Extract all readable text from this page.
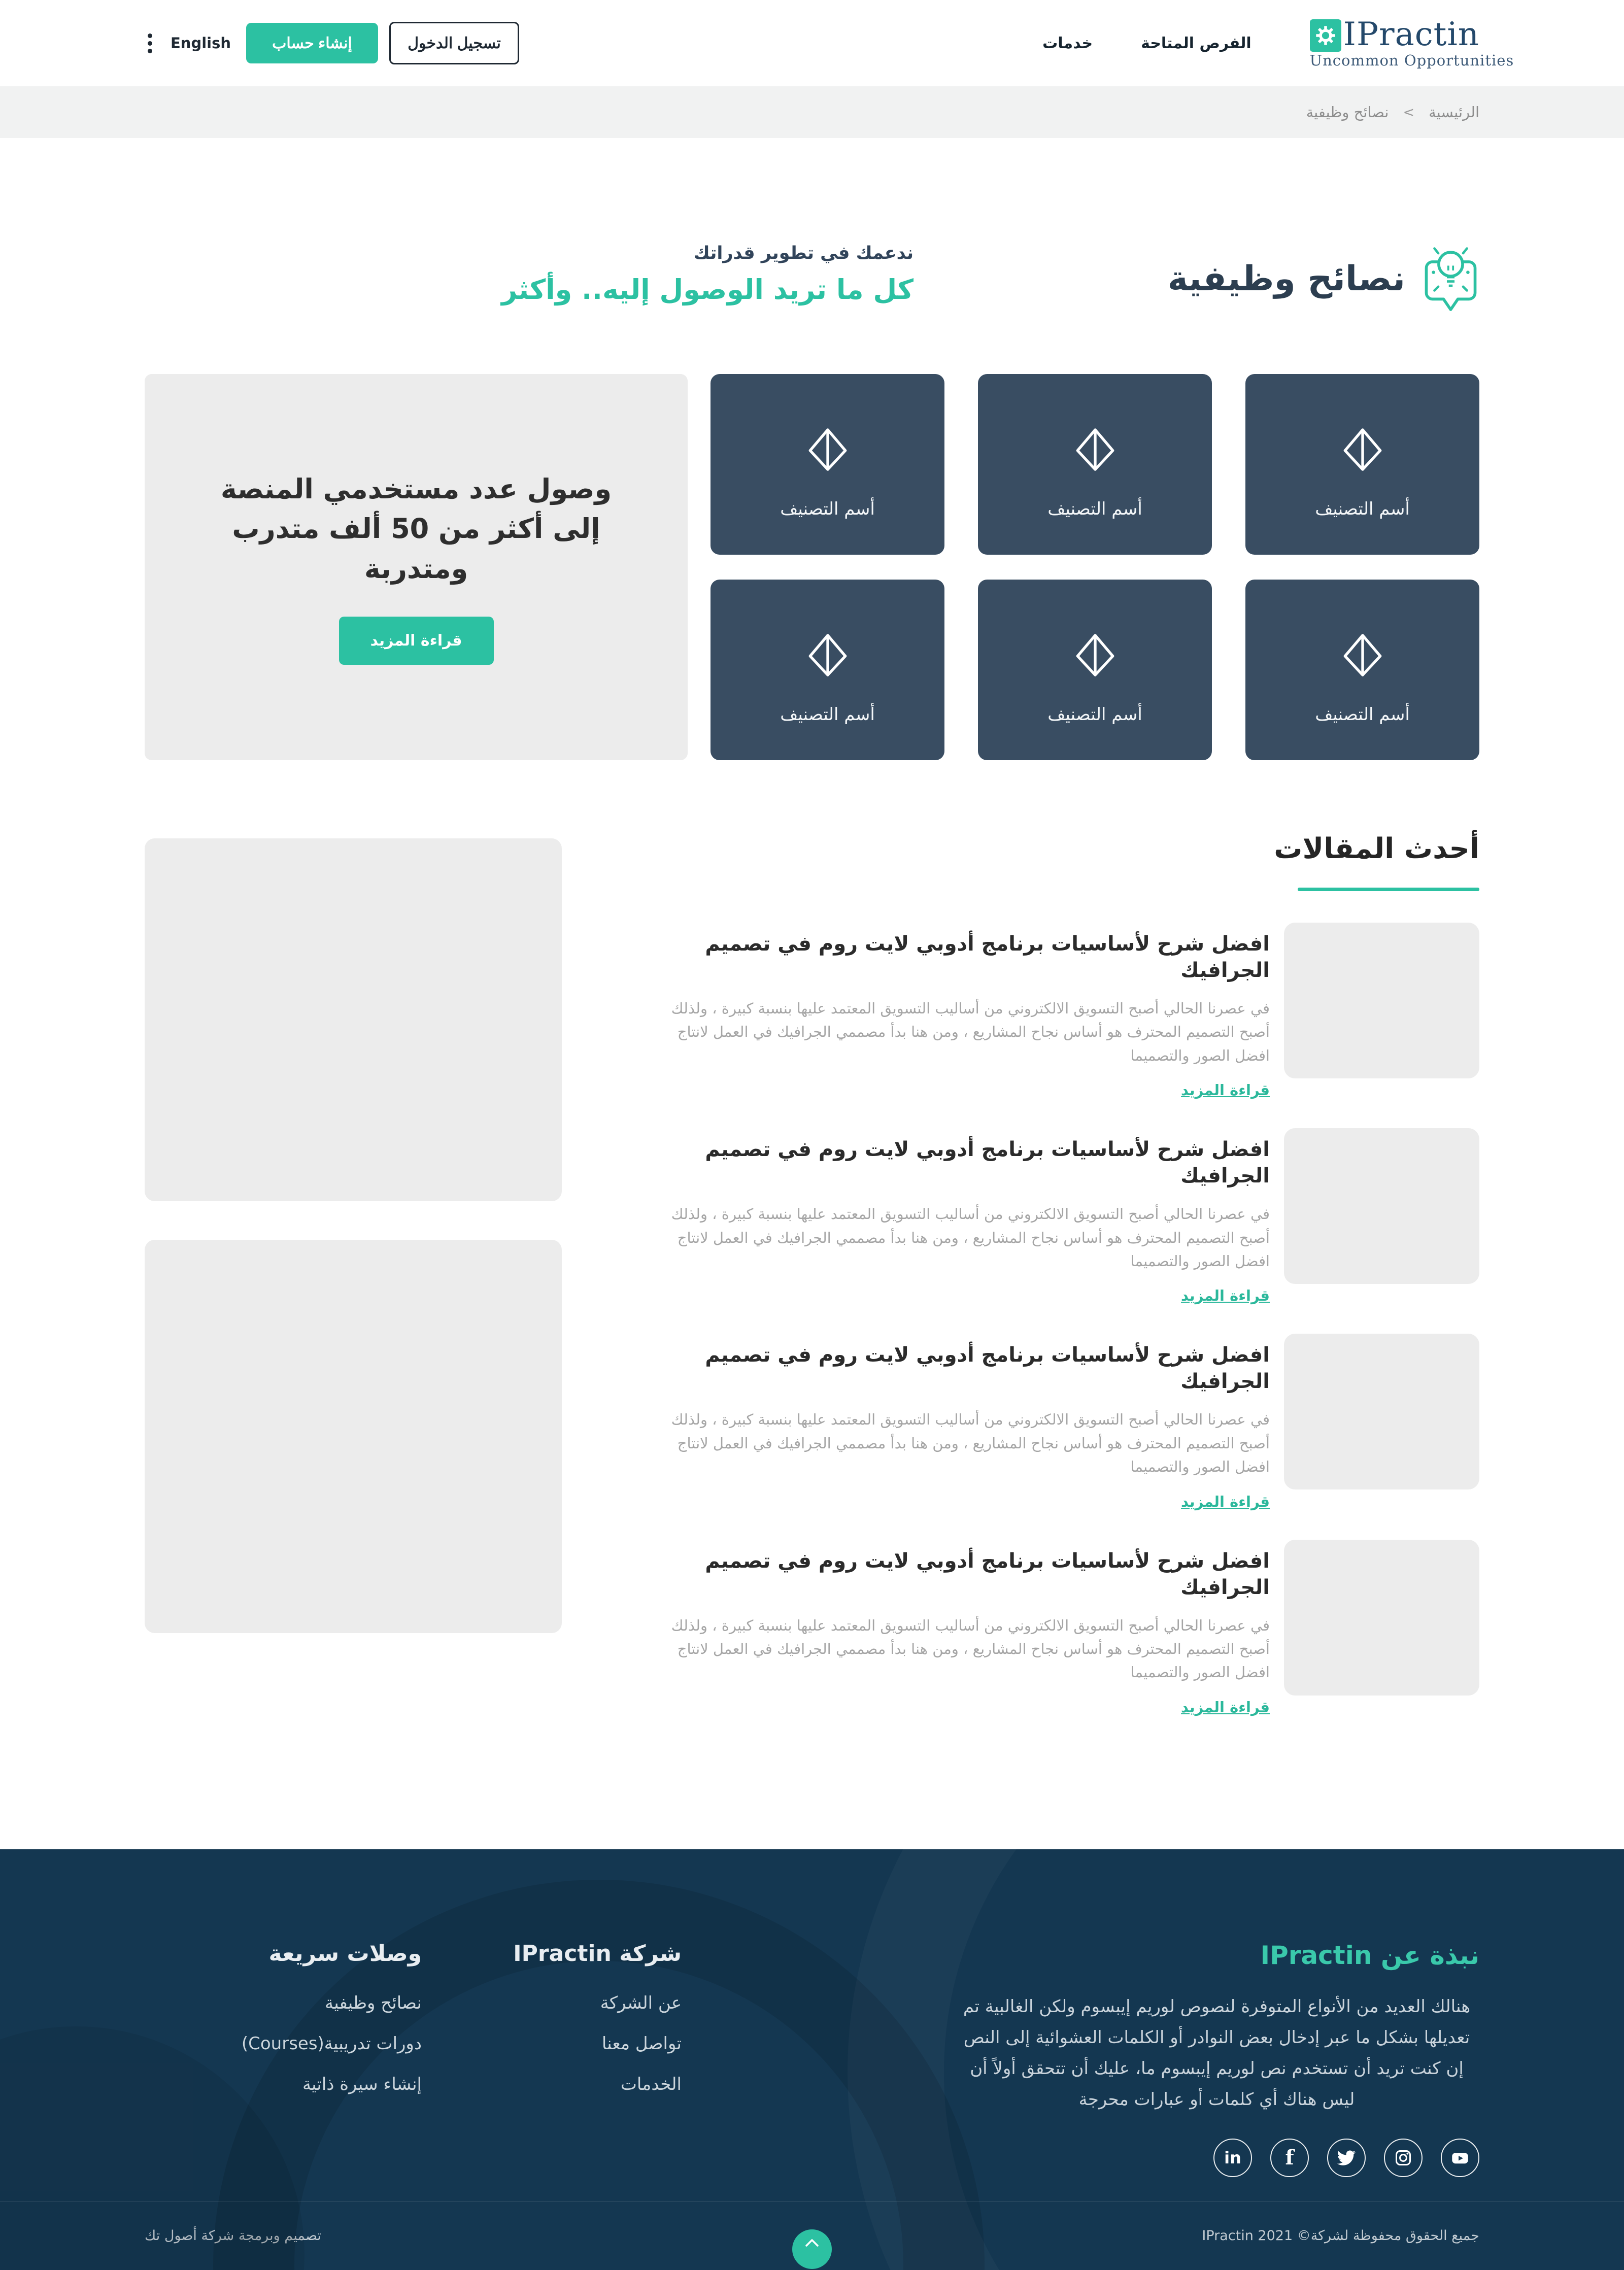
IPractin
Uncommon Opportunities
الفرص المتاحة
خدمات
تسجيل الدخول
إنشاء حساب
English
الرئيسية
>
نصائح وظيفية
نصائح وظيفية
ندعمك في تطوير قدراتك
كل ما تريد الوصول إليه.. وأكثر
أسم التصنيف
أسم التصنيف
أسم التصنيف
أسم التصنيف
أسم التصنيف
أسم التصنيف
وصول عدد مستخدمي المنصة إلى أكثر من 50 ألف متدرب ومتدربة
قراءة المزيد
أحدث المقالات
افضل شرح لأساسيات برنامج أدوبي لايت روم في تصميم الجرافيك
في عصرنا الحالي أصبح التسويق الالكتروني من أساليب التسويق المعتمد عليها بنسبة كبيرة ، ولذلك أصبح التصميم المحترف هو أساس نجاح المشاريع ، ومن هنا بدأ مصممي الجرافيك في العمل لانتاج افضل الصور والتصميما
قراءة المزيد
افضل شرح لأساسيات برنامج أدوبي لايت روم في تصميم الجرافيك
في عصرنا الحالي أصبح التسويق الالكتروني من أساليب التسويق المعتمد عليها بنسبة كبيرة ، ولذلك أصبح التصميم المحترف هو أساس نجاح المشاريع ، ومن هنا بدأ مصممي الجرافيك في العمل لانتاج افضل الصور والتصميما
قراءة المزيد
افضل شرح لأساسيات برنامج أدوبي لايت روم في تصميم الجرافيك
في عصرنا الحالي أصبح التسويق الالكتروني من أساليب التسويق المعتمد عليها بنسبة كبيرة ، ولذلك أصبح التصميم المحترف هو أساس نجاح المشاريع ، ومن هنا بدأ مصممي الجرافيك في العمل لانتاج افضل الصور والتصميما
قراءة المزيد
افضل شرح لأساسيات برنامج أدوبي لايت روم في تصميم الجرافيك
في عصرنا الحالي أصبح التسويق الالكتروني من أساليب التسويق المعتمد عليها بنسبة كبيرة ، ولذلك أصبح التصميم المحترف هو أساس نجاح المشاريع ، ومن هنا بدأ مصممي الجرافيك في العمل لانتاج افضل الصور والتصميما
قراءة المزيد
نبذة عن IPractin

هنالك العديد من الأنواع المتوفرة لنصوص لوريم إيبسوم ولكن الغالبية تم تعديلها بشكل ما عبر إدخال بعض النوادر أو الكلمات العشوائية إلى النص إن كنت تريد أن تستخدم نص لوريم إيبسوم ما، عليك أن تتحقق أولاً أن ليس هناك أي كلمات أو عبارات محرجة

f
in
شركة IPractin
عن الشركة
تواصل معنا
الخدمات
وصلات سريعة
نصائح وظيفية
دورات تدريبية(Courses)
إنشاء سيرة ذاتية
جميع الحقوق محفوظة لشركة© IPractin 2021
تصميم وبرمجة شركة أصول تك
